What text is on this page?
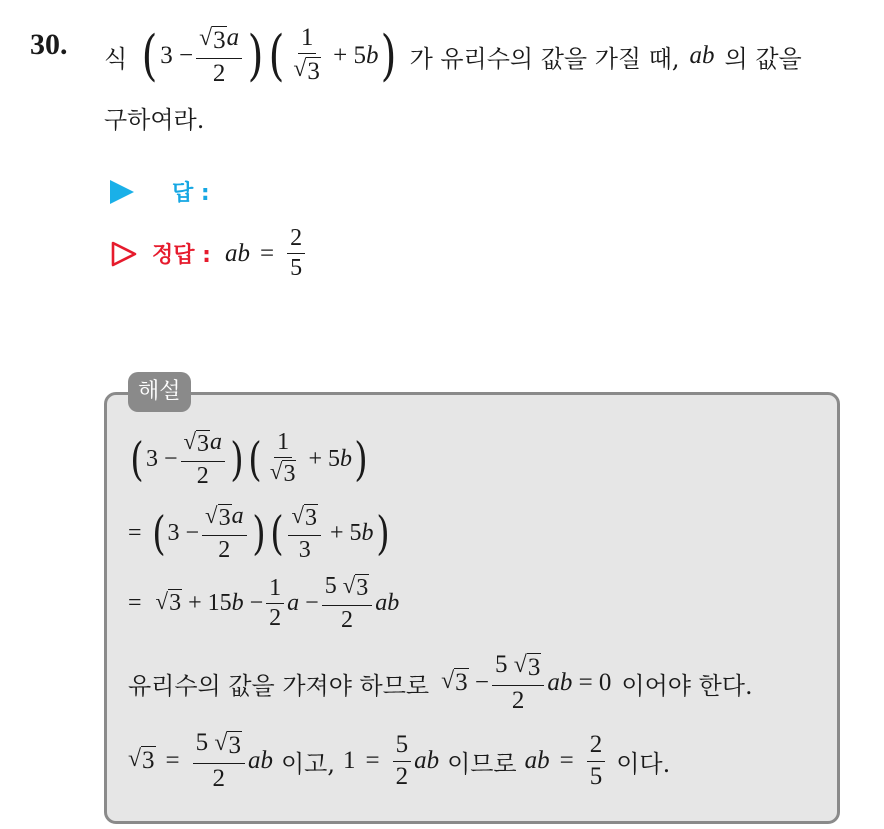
30. 식 ( $3 - \frac{√ 3 a}{2}$ ) ( $\frac{1}{√ 3} + 5b$ ) 가 유리수의 값을 가질 때, ab 의 값을
구하여라.
답 :
정답 : ab = $\frac{2}{5}$
해설
( $3 - \frac{√ 3 a}{2}$ ) ( $\frac{1}{√ 3} + 5b$ )
= ( $3 - \frac{√ 3 a}{2}$ ) ( $\frac{√ 3}{3} + 5b$ )
= √ $3 + 15b - \frac{1}{2}$ $a - \frac{5 √ 3}{2}$ ab
유리수의 값을 가져야 하므로 √ $3 - \frac{5 √ 3}{2}$ ab = 0 이어야 한다.
√ $3 = \frac{5 √ 3}{2}$ ab 이고, $1 = \frac{5}{2}$ ab 이므로 ab = $\frac{2}{5}$ 이다.
